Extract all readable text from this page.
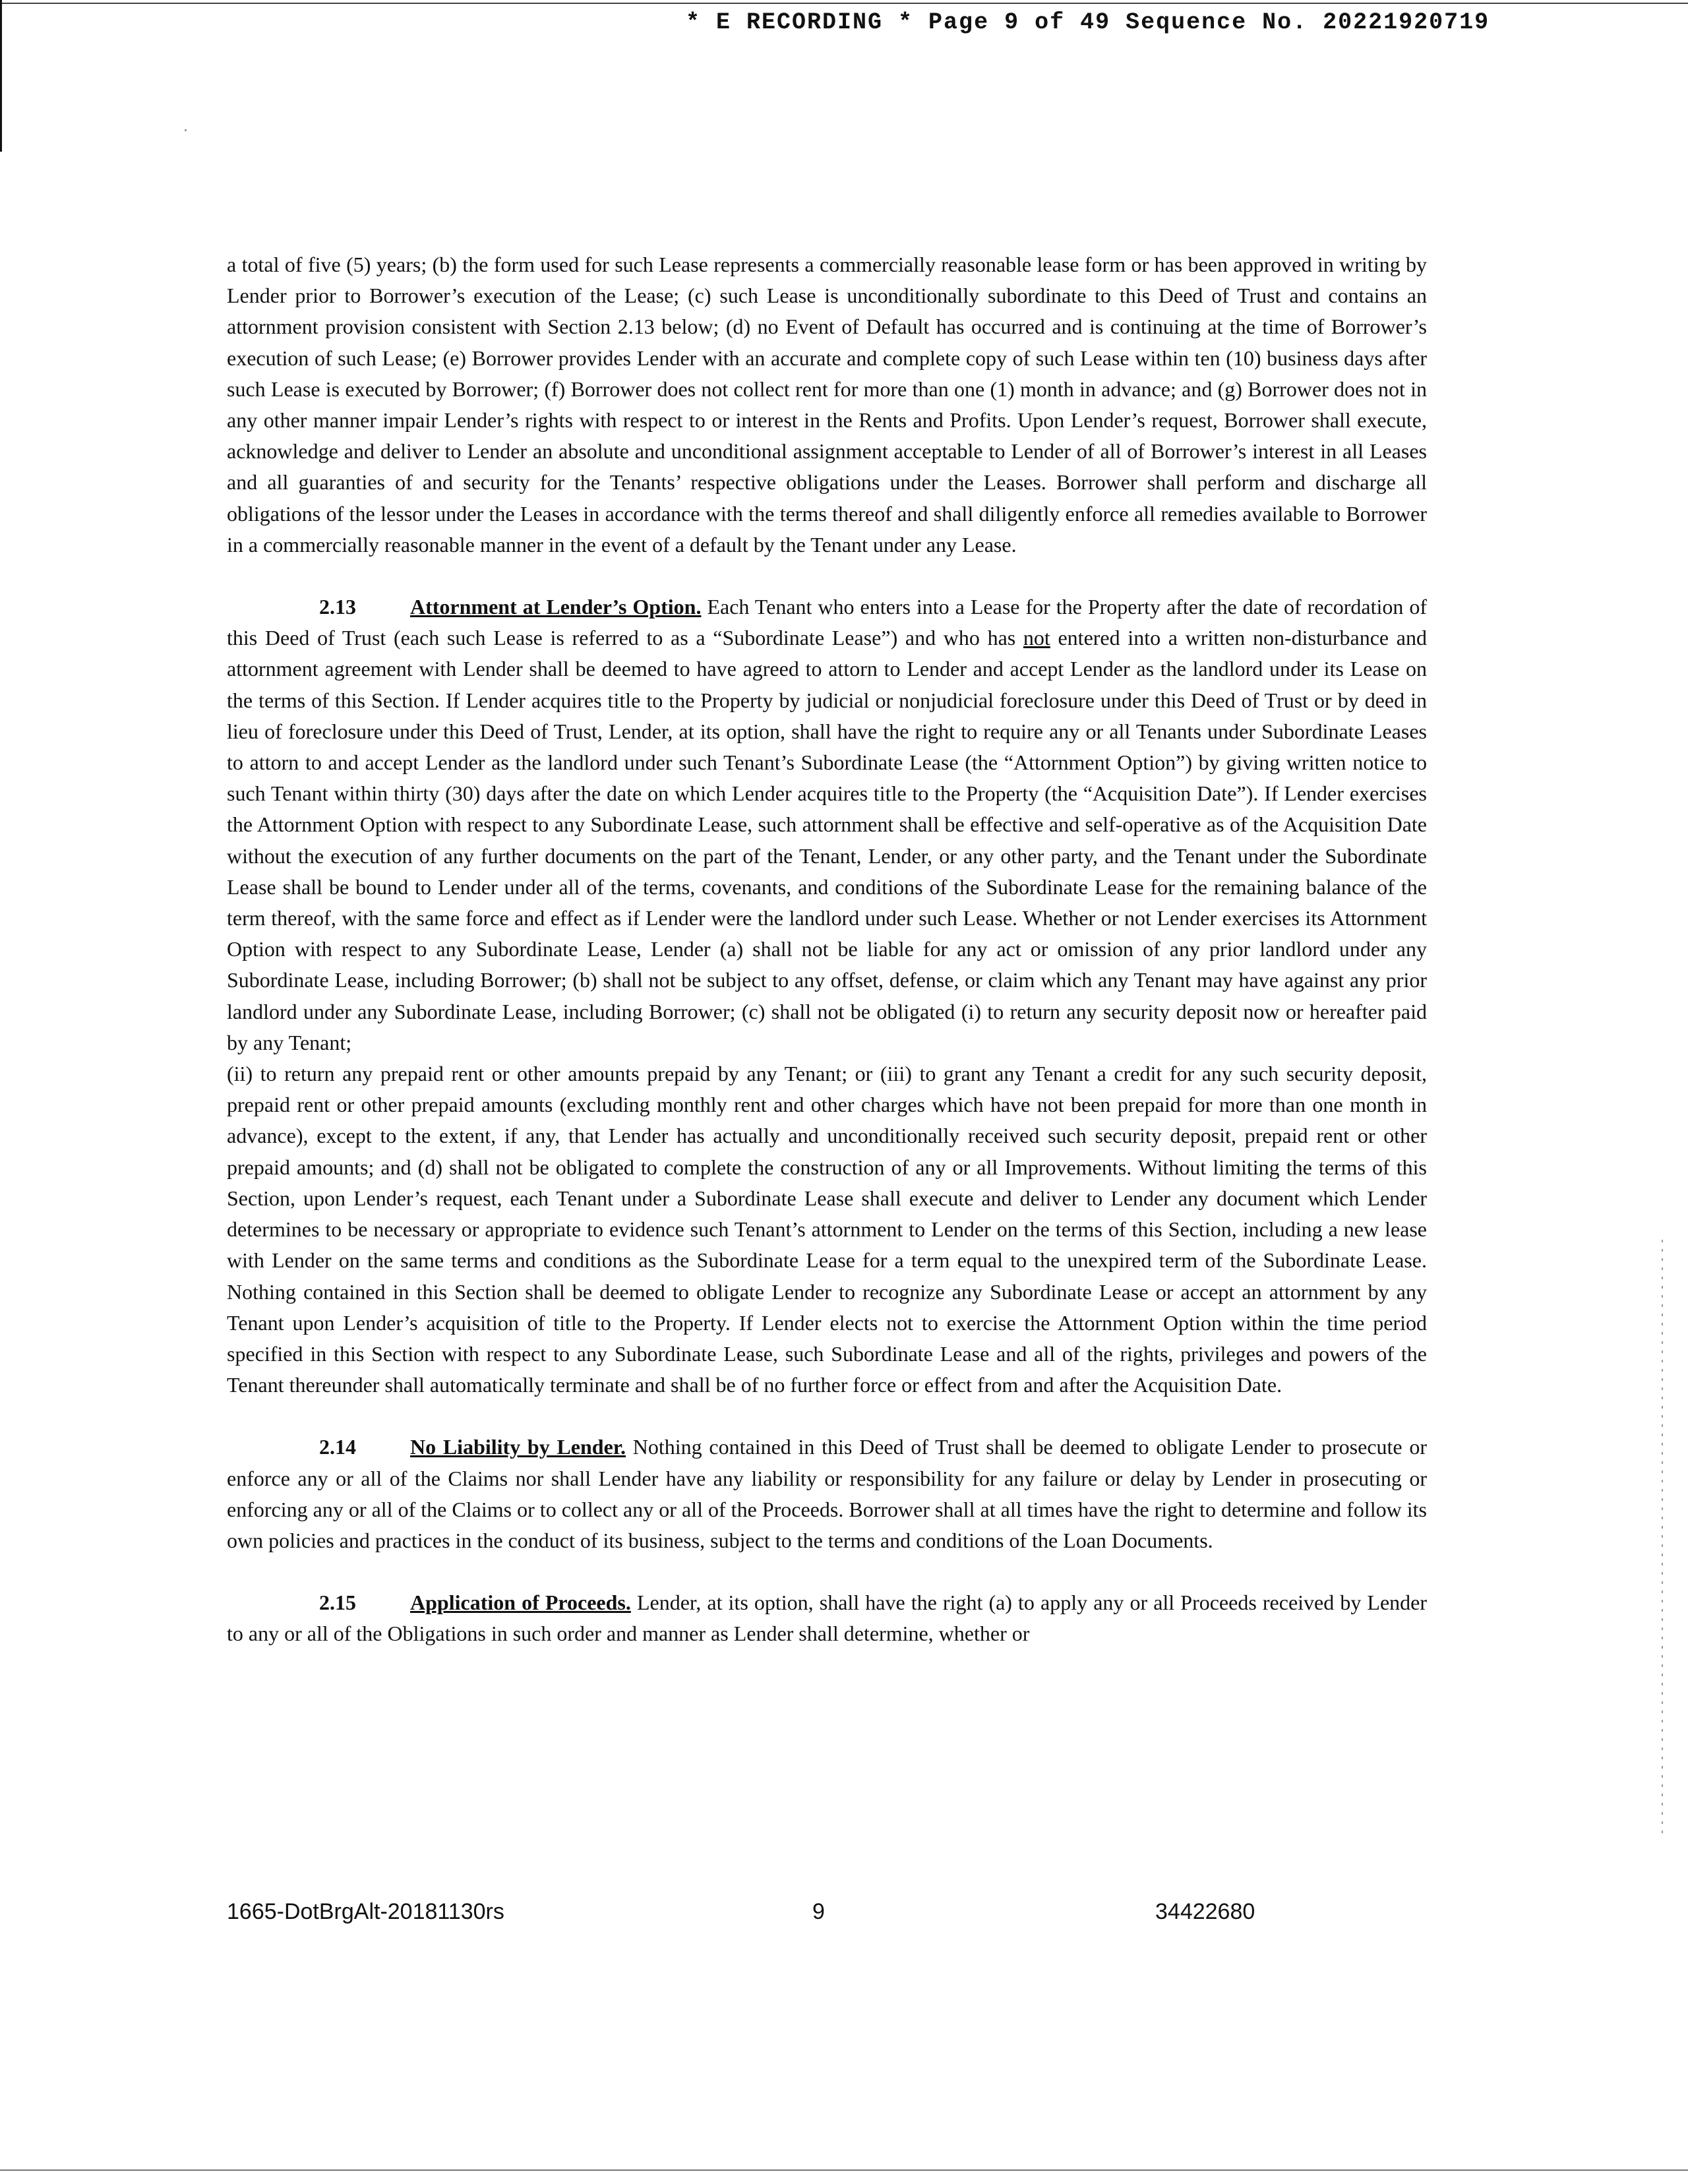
* E RECORDING * Page 9 of 49 Sequence No. 20221920719

a total of five (5) years; (b) the form used for such Lease represents a commercially reasonable lease form or has been approved in writing by Lender prior to Borrower’s execution of the Lease; (c) such Lease is unconditionally subordinate to this Deed of Trust and contains an attornment provision consistent with Section 2.13 below; (d) no Event of Default has occurred and is continuing at the time of Borrower’s execution of such Lease; (e) Borrower provides Lender with an accurate and complete copy of such Lease within ten (10) business days after such Lease is executed by Borrower; (f) Borrower does not collect rent for more than one (1) month in advance; and (g) Borrower does not in any other manner impair Lender’s rights with respect to or interest in the Rents and Profits. Upon Lender’s request, Borrower shall execute, acknowledge and deliver to Lender an absolute and unconditional assignment acceptable to Lender of all of Borrower’s interest in all Leases and all guaranties of and security for the Tenants’ respective obligations under the Leases. Borrower shall perform and discharge all obligations of the lessor under the Leases in accordance with the terms thereof and shall diligently enforce all remedies available to Borrower in a commercially reasonable manner in the event of a default by the Tenant under any Lease.

2.13	Attornment at Lender’s Option. Each Tenant who enters into a Lease for the Property after the date of recordation of this Deed of Trust (each such Lease is referred to as a “Subordinate Lease”) and who has not entered into a written non-disturbance and attornment agreement with Lender shall be deemed to have agreed to attorn to Lender and accept Lender as the landlord under its Lease on the terms of this Section. If Lender acquires title to the Property by judicial or nonjudicial foreclosure under this Deed of Trust or by deed in lieu of foreclosure under this Deed of Trust, Lender, at its option, shall have the right to require any or all Tenants under Subordinate Leases to attorn to and accept Lender as the landlord under such Tenant’s Subordinate Lease (the “Attornment Option”) by giving written notice to such Tenant within thirty (30) days after the date on which Lender acquires title to the Property (the “Acquisition Date”). If Lender exercises the Attornment Option with respect to any Subordinate Lease, such attornment shall be effective and self-operative as of the Acquisition Date without the execution of any further documents on the part of the Tenant, Lender, or any other party, and the Tenant under the Subordinate Lease shall be bound to Lender under all of the terms, covenants, and conditions of the Subordinate Lease for the remaining balance of the term thereof, with the same force and effect as if Lender were the landlord under such Lease. Whether or not Lender exercises its Attornment Option with respect to any Subordinate Lease, Lender (a) shall not be liable for any act or omission of any prior landlord under any Subordinate Lease, including Borrower; (b) shall not be subject to any offset, defense, or claim which any Tenant may have against any prior landlord under any Subordinate Lease, including Borrower; (c) shall not be obligated (i) to return any security deposit now or hereafter paid by any Tenant;

(ii) to return any prepaid rent or other amounts prepaid by any Tenant; or (iii) to grant any Tenant a credit for any such security deposit, prepaid rent or other prepaid amounts (excluding monthly rent and other charges which have not been prepaid for more than one month in advance), except to the extent, if any, that Lender has actually and unconditionally received such security deposit, prepaid rent or other prepaid amounts; and (d) shall not be obligated to complete the construction of any or all Improvements. Without limiting the terms of this Section, upon Lender’s request, each Tenant under a Subordinate Lease shall execute and deliver to Lender any document which Lender determines to be necessary or appropriate to evidence such Tenant’s attornment to Lender on the terms of this Section, including a new lease with Lender on the same terms and conditions as the Subordinate Lease for a term equal to the unexpired term of the Subordinate Lease. Nothing contained in this Section shall be deemed to obligate Lender to recognize any Subordinate Lease or accept an attornment by any Tenant upon Lender’s acquisition of title to the Property. If Lender elects not to exercise the Attornment Option within the time period specified in this Section with respect to any Subordinate Lease, such Subordinate Lease and all of the rights, privileges and powers of the Tenant thereunder shall automatically terminate and shall be of no further force or effect from and after the Acquisition Date.

2.14	No Liability by Lender. Nothing contained in this Deed of Trust shall be deemed to obligate Lender to prosecute or enforce any or all of the Claims nor shall Lender have any liability or responsibility for any failure or delay by Lender in prosecuting or enforcing any or all of the Claims or to collect any or all of the Proceeds. Borrower shall at all times have the right to determine and follow its own policies and practices in the conduct of its business, subject to the terms and conditions of the Loan Documents.

2.15	Application of Proceeds. Lender, at its option, shall have the right (a) to apply any or all Proceeds received by Lender to any or all of the Obligations in such order and manner as Lender shall determine, whether or

1665-DotBrgAlt-20181130rs	9	34422680
